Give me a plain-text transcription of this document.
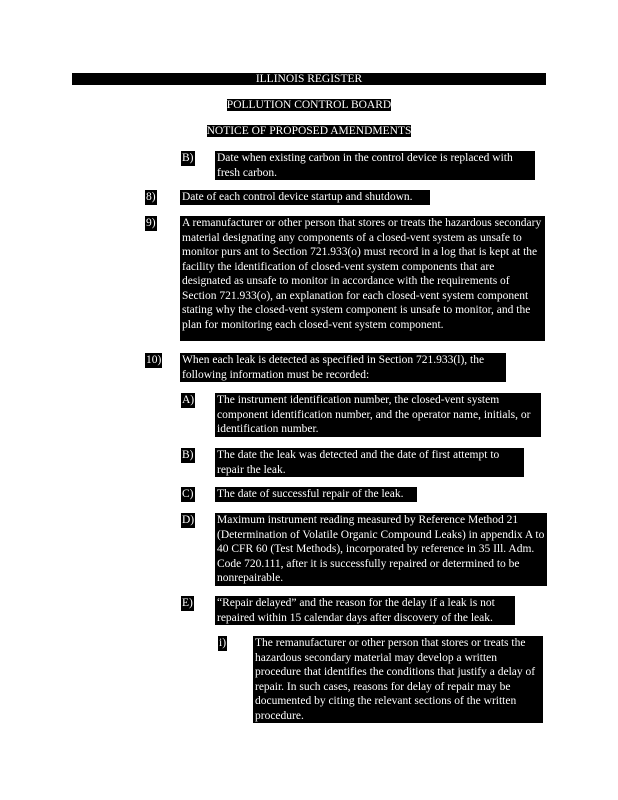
ILLINOIS REGISTER
POLLUTION CONTROL BOARD
NOTICE OF PROPOSED AMENDMENTS
B) Date when existing carbon in the control device is replaced with fresh carbon.
8) Date of each control device startup and shutdown.
9) A remanufacturer or other person that stores or treats the hazardous secondary material designating any components of a closed-vent system as unsafe to monitor purs ant to Section 721.933(o) must record in a log that is kept at the facility the identification of closed-vent system components that are designated as unsafe to monitor in accordance with the requirements of Section 721.933(o), an explanation for each closed-vent system component stating why the closed-vent system component is unsafe to monitor, and the plan for monitoring each closed-vent system component.
10) When each leak is detected as specified in Section 721.933(l), the following information must be recorded:
A) The instrument identification number, the closed-vent system component identification number, and the operator name, initials, or identification number.
B) The date the leak was detected and the date of first attempt to repair the leak.
C) The date of successful repair of the leak.
D) Maximum instrument reading measured by Reference Method 21 (Determination of Volatile Organic Compound Leaks) in appendix A to 40 CFR 60 (Test Methods), incorporated by reference in 35 Ill. Adm. Code 720.111, after it is successfully repaired or determined to be nonrepairable.
E) “Repair delayed” and the reason for the delay if a leak is not repaired within 15 calendar days after discovery of the leak.
i)	The remanufacturer or other person that stores or treats the hazardous secondary material may develop a written procedure that identifies the conditions that justify a delay of repair. In such cases, reasons for delay of repair may be documented by citing the relevant sections of the written procedure.
